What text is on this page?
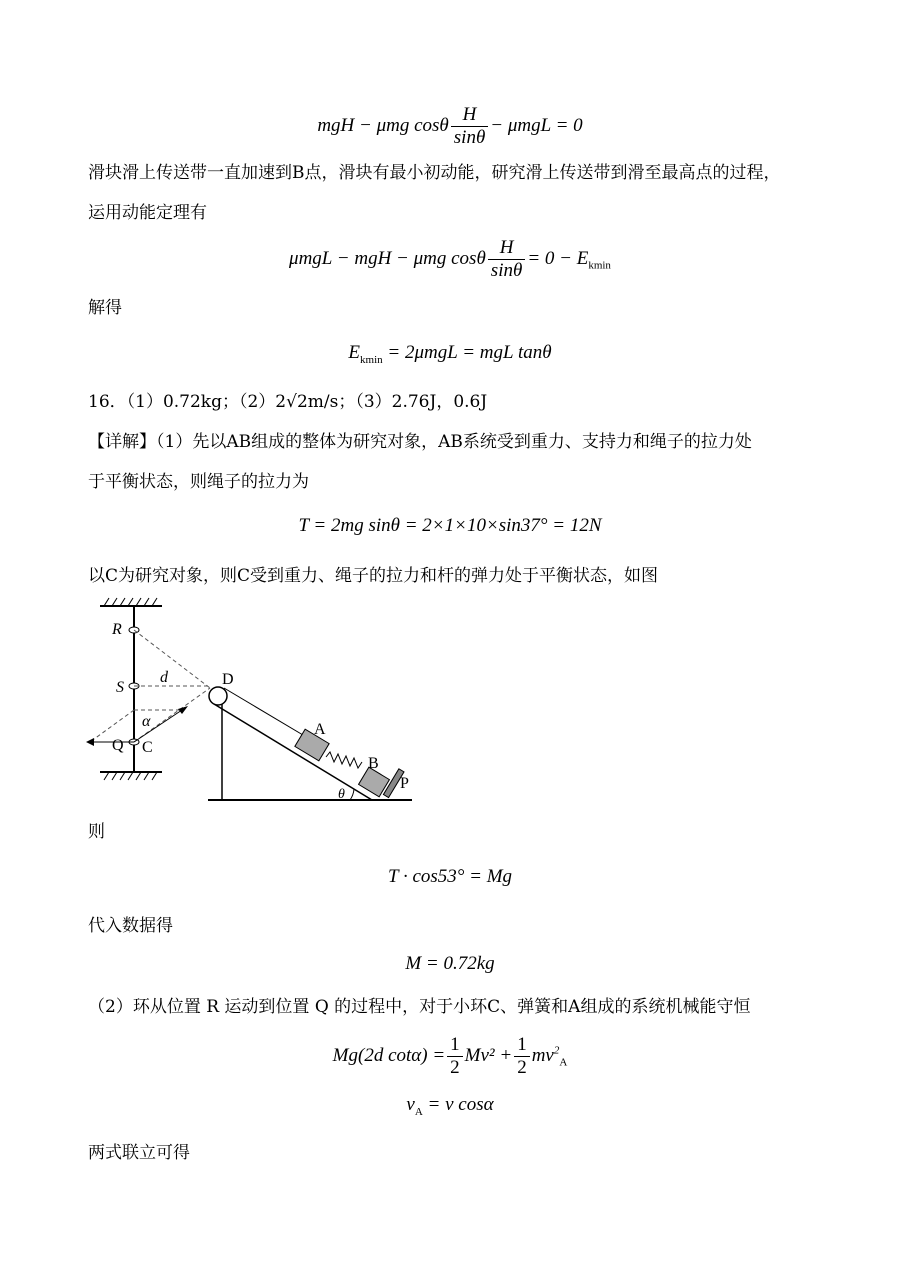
mgH − μmg cosθ $\frac{H}{\sin\theta} - \mu mgL = 0$
滑块滑上传送带一直加速到B点，滑块有最小初动能，研究滑上传送带到滑至最高点的过程，
运用动能定理有
μmgL − mgH − μmg cosθ $\frac{H}{\sin\theta} = 0 - E_{kmin}$
解得
$E_{kmin} = 2\mu mgL$ = mgL tanθ
16．（1）0.72kg；（2）2√2m/s；（3）2.76J，0.6J
【详解】（1）先以AB组成的整体为研究对象，AB系统受到重力、支持力和绳子的拉力处
于平衡状态，则绳子的拉力为
T = 2mg sinθ = 2×1×10×sin37° = 12N
以C为研究对象，则C受到重力、绳子的拉力和杆的弹力处于平衡状态，如图
R
S
d	D
α
Q C
A
B
P
θ
则
T · cos53° = Mg
代入数据得
M = 0.72kg
（2）环从位置 R 运动到位置 Q 的过程中，对于小环C、弹簧和A组成的系统机械能守恒
Mg(2d $\cot\alpha) = \frac{1}{2} Mv^2 + \frac{1}{2} mv^2_A$
$v_A = v$ cosα
两式联立可得
